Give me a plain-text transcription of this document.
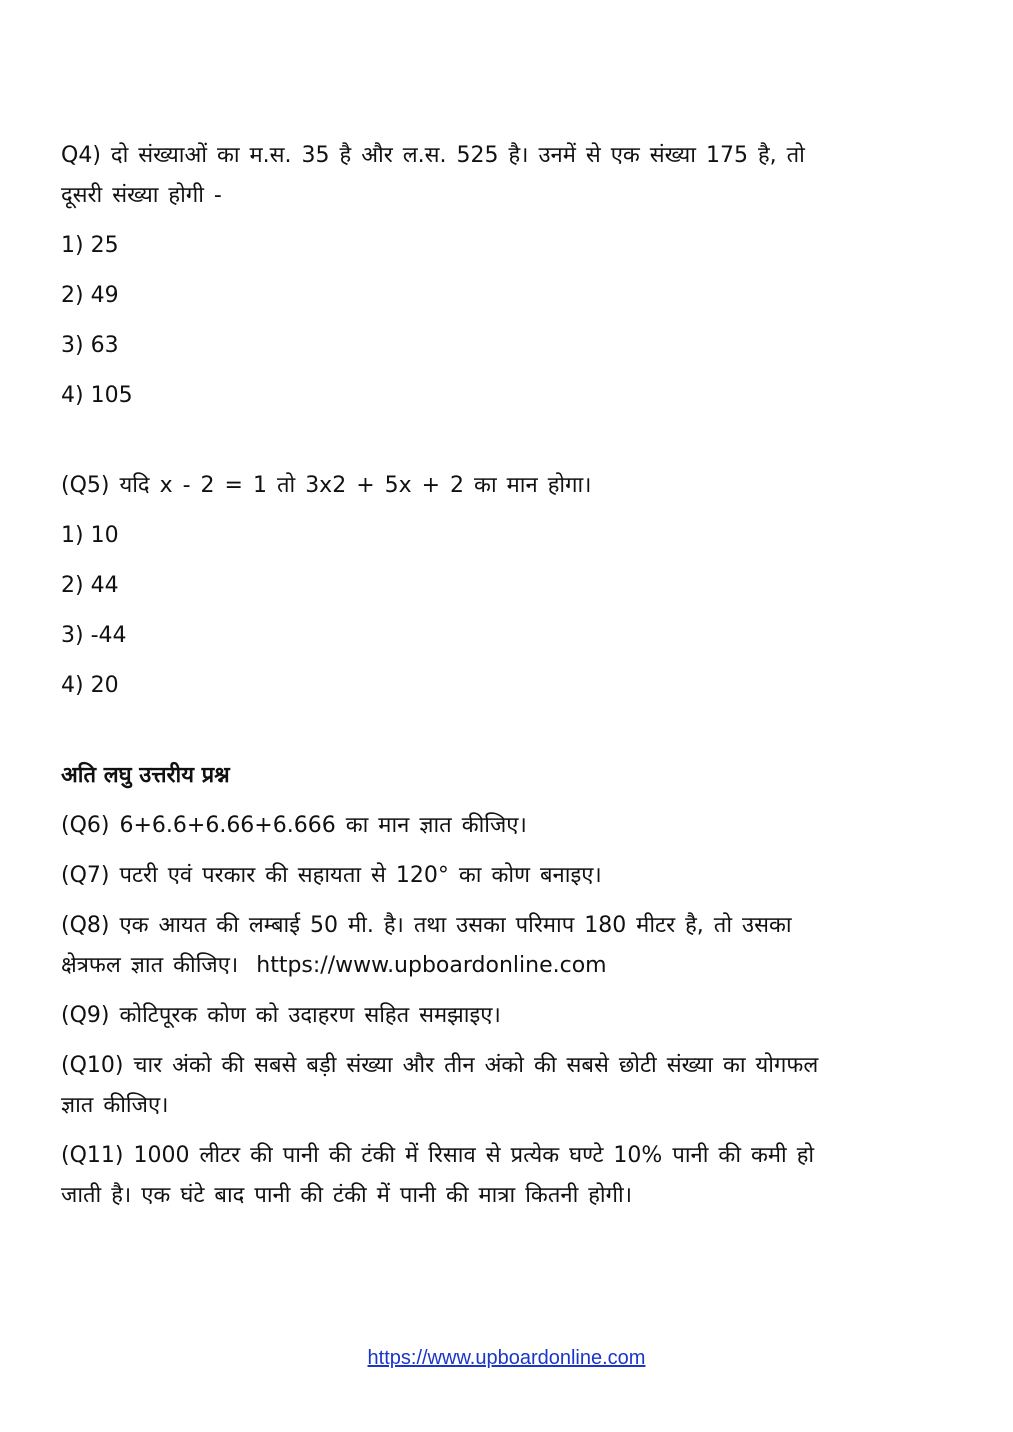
Q4) दो संख्याओं का म.स. 35 है और ल.स. 525 है। उनमें से एक संख्या 175 है, तो
दूसरी संख्या होगी -
1) 25
2) 49
3) 63
4) 105
(Q5) यदि x - 2 = 1 तो 3x2 + 5x + 2 का मान होगा।
1) 10
2) 44
3) -44
4) 20
अति लघु उत्तरीय प्रश्न
(Q6) 6+6.6+6.66+6.666 का मान ज्ञात कीजिए।
(Q7) पटरी एवं परकार की सहायता से 120° का कोण बनाइए।
(Q8) एक आयत की लम्बाई 50 मी. है। तथा उसका परिमाप 180 मीटर है, तो उसका
क्षेत्रफल ज्ञात कीजिए। https://www.upboardonline.com
(Q9) कोटिपूरक कोण को उदाहरण सहित समझाइए।
(Q10) चार अंको की सबसे बड़ी संख्या और तीन अंको की सबसे छोटी संख्या का योगफल
ज्ञात कीजिए।
(Q11) 1000 लीटर की पानी की टंकी में रिसाव से प्रत्येक घण्टे 10% पानी की कमी हो
जाती है। एक घंटे बाद पानी की टंकी में पानी की मात्रा कितनी होगी।
https://www.upboardonline.com
